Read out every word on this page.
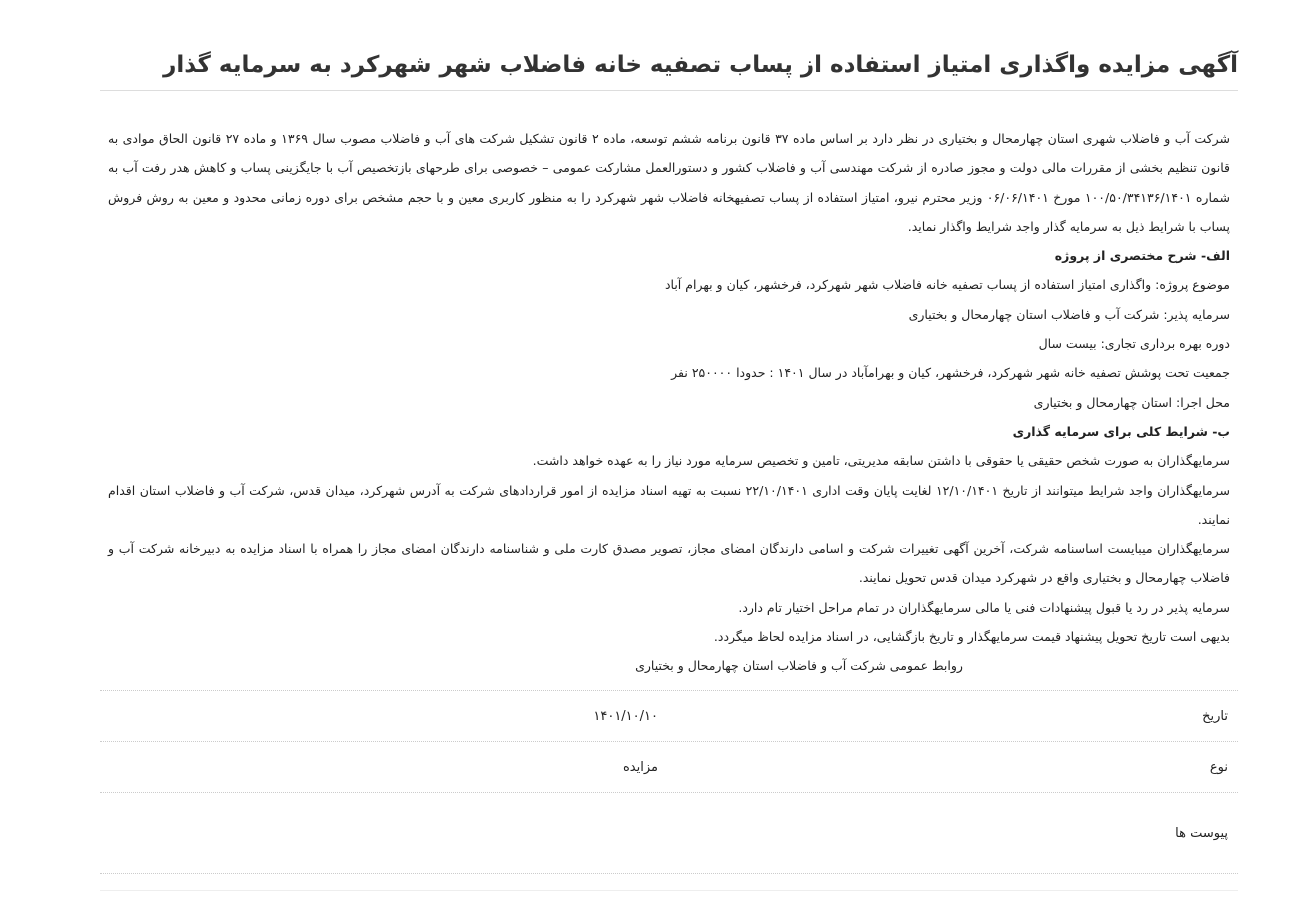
آگهی مزایده واگذاری امتیاز استفاده از پساب تصفیه خانه فاضلاب شهر شهرکرد به سرمایه گذار

شرکت آب و فاضلاب شهری استان چهارمحال و بختیاری در نظر دارد بر اساس ماده ۳۷ قانون برنامه ششم توسعه، ماده ۲ قانون تشکیل شرکت های آب و فاضلاب مصوب سال ۱۳۶۹ و ماده ۲۷ قانون الحاق موادی به قانون تنظیم بخشی از مقررات مالی دولت و مجوز صادره از شرکت مهندسی آب و فاضلاب کشور و دستورالعمل مشارکت عمومی – خصوصی برای طرحهای بازتخصیص آب با جایگزینی پساب و کاهش هدر رفت آب به شماره ۱۰۰/۵۰/۳۴۱۳۶/۱۴۰۱ مورخ ۰۶/۰۶/۱۴۰۱ وزیر محترم نیرو، امتیاز استفاده از پساب تصفیهخانه فاضلاب شهر شهرکرد را به منظور کاربری معین و با حجم مشخص برای دوره زمانی محدود و معین به روش فروش پساب با شرایط ذیل به سرمایه گذار واجد شرایط واگذار نماید.

الف- شرح مختصری از پروژه

موضوع پروژه: واگذاری امتیاز استفاده از پساب تصفیه خانه فاضلاب شهر شهرکرد، فرخشهر، کیان و بهرام آباد

سرمایه پذیر: شرکت آب و فاضلاب استان چهارمحال و بختیاری

دوره بهره برداری تجاری: بیست سال

جمعیت تحت پوشش تصفیه خانه شهر شهرکرد، فرخشهر، کیان و بهرامآباد در سال ۱۴۰۱ : حدودا ۲۵۰۰۰۰ نفر

محل اجرا: استان چهارمحال و بختیاری

ب- شرایط کلی برای سرمایه گذاری

سرمایهگذاران به صورت شخص حقیقی یا حقوقی با داشتن سابقه مدیریتی، تامین و تخصیص سرمایه مورد نیاز را به عهده خواهد داشت.

سرمایهگذاران واجد شرایط میتوانند از تاریخ ۱۲/۱۰/۱۴۰۱ لغایت پایان وقت اداری ۲۲/۱۰/۱۴۰۱ نسبت به تهیه اسناد مزایده از امور قراردادهای شرکت به آدرس شهرکرد، میدان قدس، شرکت آب و فاضلاب استان اقدام نمایند.

سرمایهگذاران میبایست اساسنامه شرکت، آخرین آگهی تغییرات شرکت و اسامی دارندگان امضای مجاز، تصویر مصدق کارت ملی و شناسنامه دارندگان امضای مجاز را همراه با اسناد مزایده به دبیرخانه شرکت آب و فاضلاب چهارمحال و بختیاری واقع در شهرکرد میدان قدس تحویل نمایند.

سرمایه پذیر در رد یا قبول پیشنهادات فنی یا مالی سرمایهگذاران در تمام مراحل اختیار تام دارد.

بدیهی است تاریخ تحویل پیشنهاد قیمت سرمایهگذار و تاریخ بازگشایی، در اسناد مزایده لحاظ میگردد.

روابط عمومی شرکت آب و فاضلاب استان چهارمحال و بختیاری

تاریخ
۱۴۰۱/۱۰/۱۰
نوع
مزایده
پیوست ها
